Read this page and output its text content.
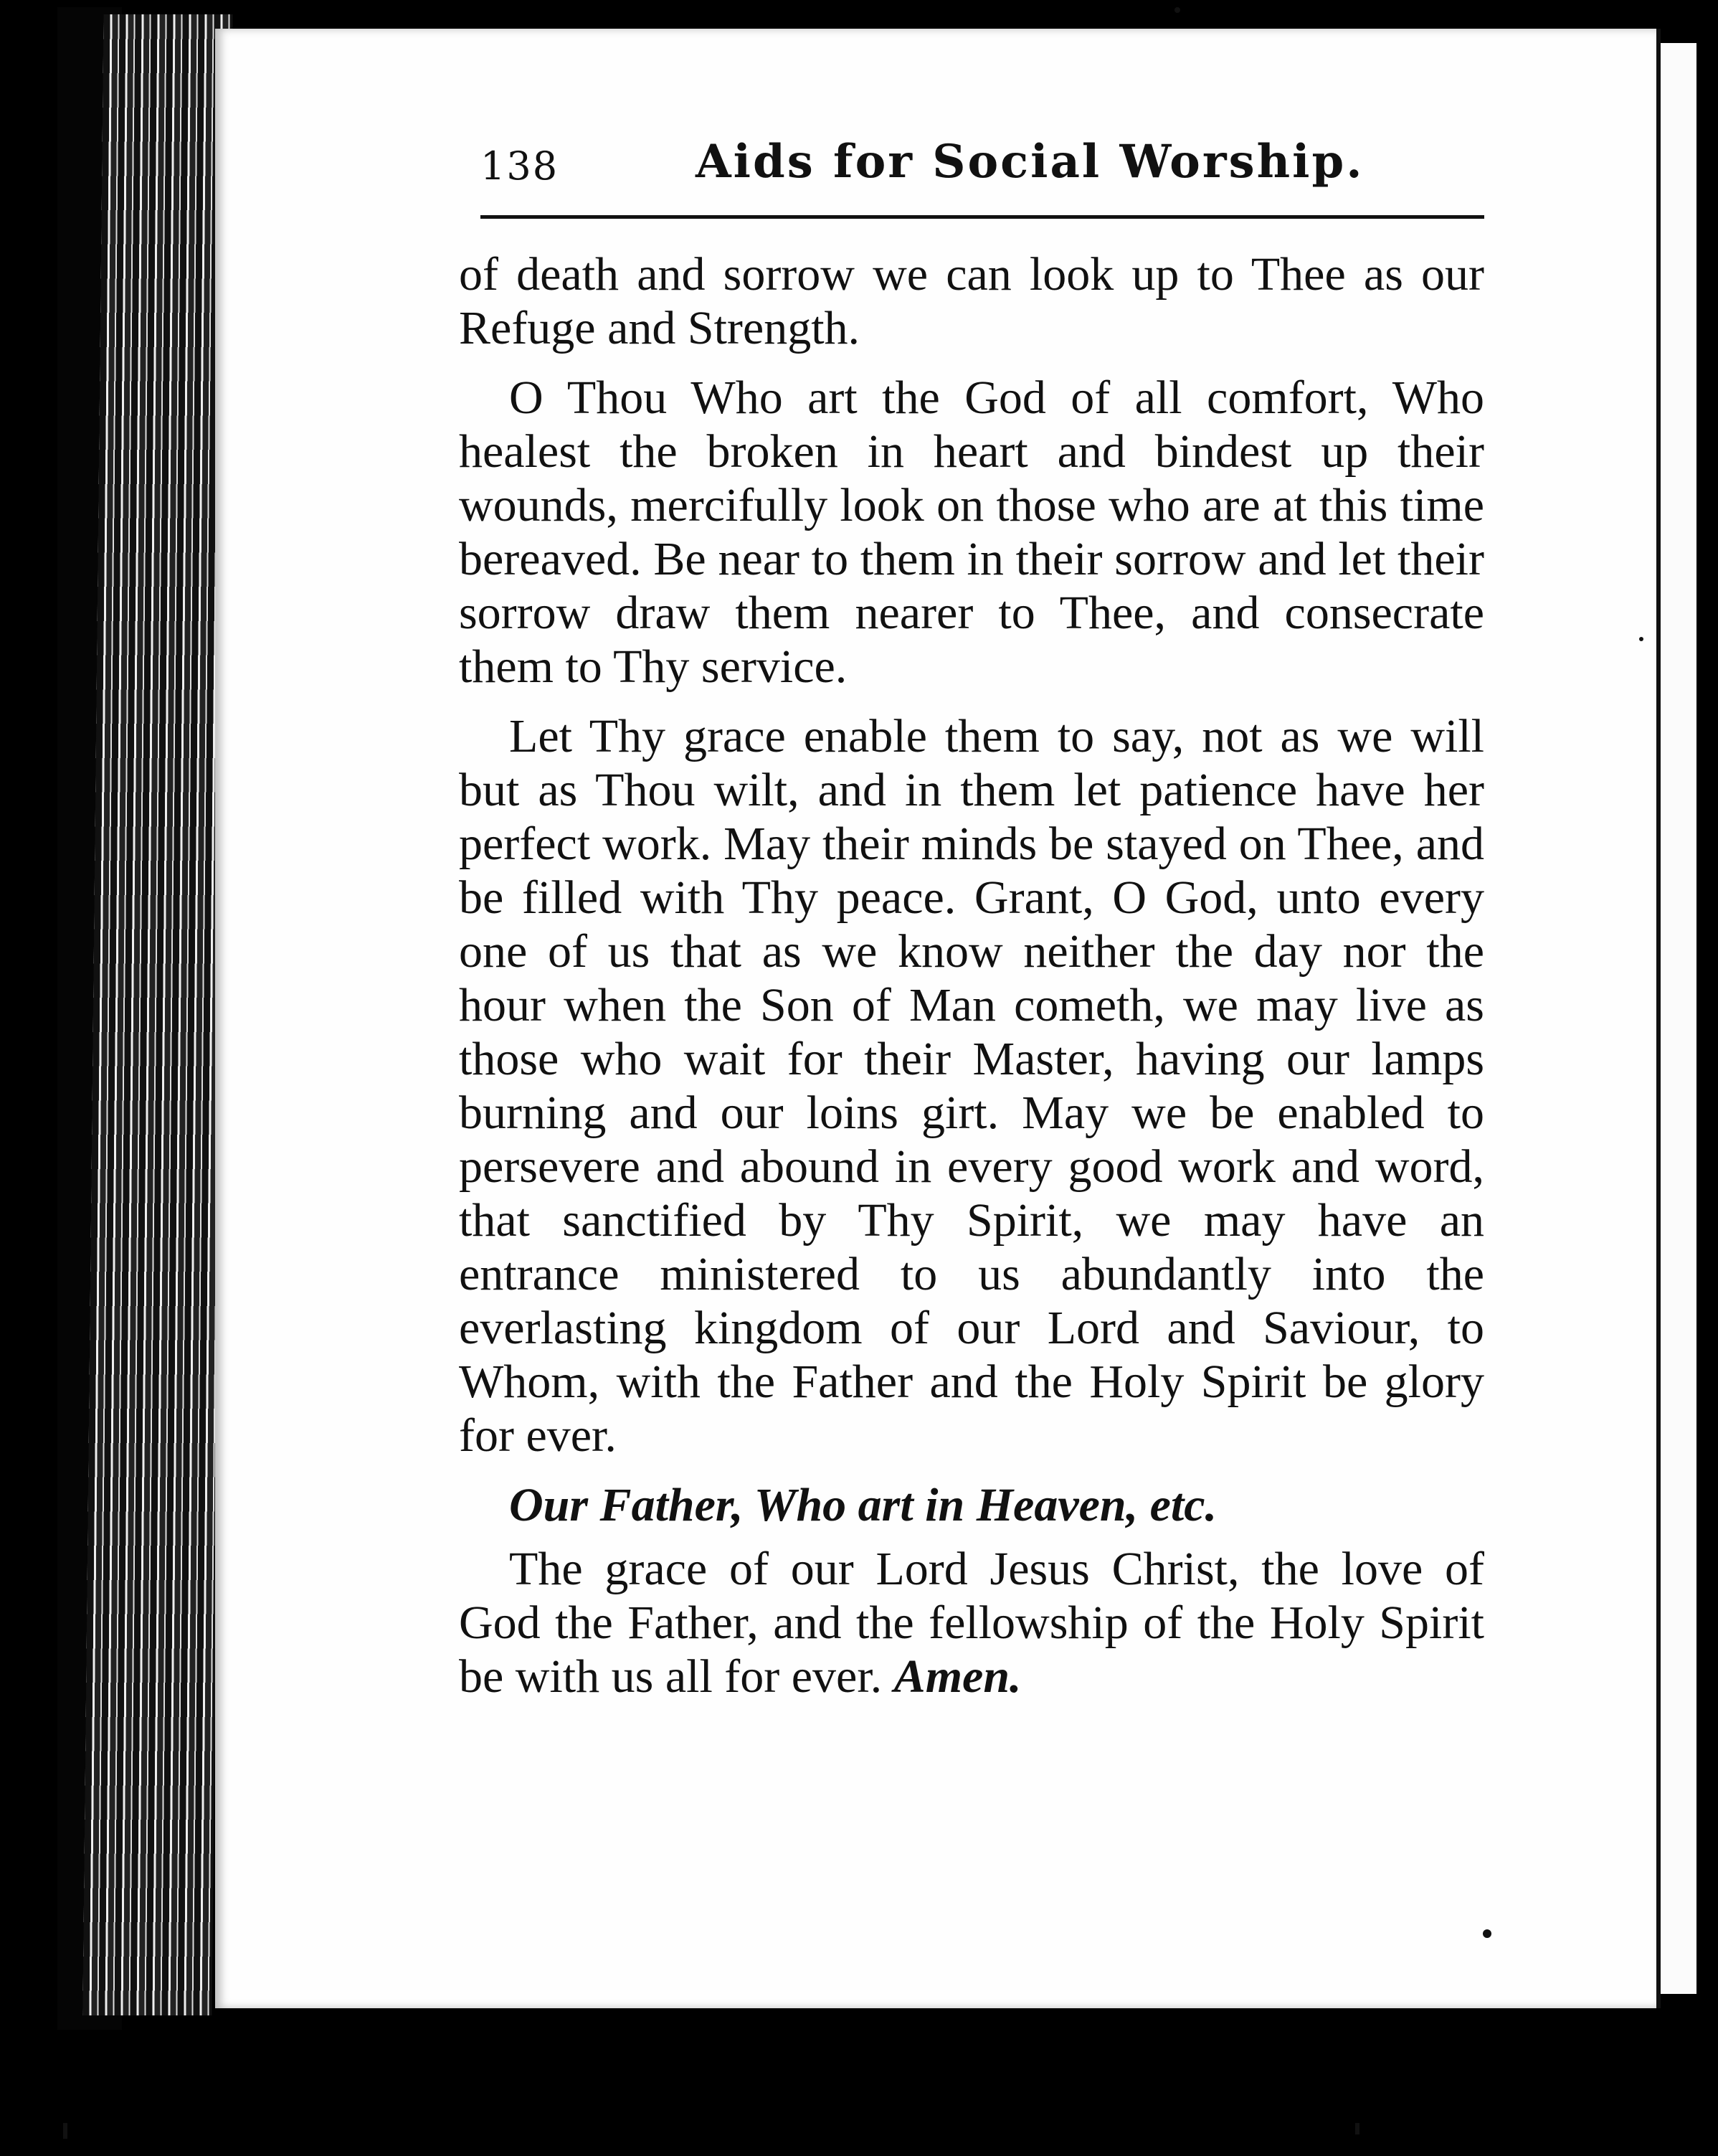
138	Aids for Social Worship.

of death and sorrow we can look up to Thee as our Refuge and Strength.

O Thou Who art the God of all comfort, Who healest the broken in heart and bindest up their wounds, mercifully look on those who are at this time bereaved. Be near to them in their sorrow and let their sorrow draw them nearer to Thee, and consecrate them to Thy service.

Let Thy grace enable them to say, not as we will but as Thou wilt, and in them let patience have her perfect work. May their minds be stayed on Thee, and be filled with Thy peace. Grant, O God, unto every one of us that as we know neither the day nor the hour when the Son of Man cometh, we may live as those who wait for their Master, having our lamps burning and our loins girt. May we be enabled to persevere and abound in every good work and word, that sanctified by Thy Spirit, we may have an entrance ministered to us abundantly into the everlasting kingdom of our Lord and Saviour, to Whom, with the Father and the Holy Spirit be glory for ever.

Our Father, Who art in Heaven, etc.

The grace of our Lord Jesus Christ, the love of God the Father, and the fellowship of the Holy Spirit be with us all for ever. Amen.
